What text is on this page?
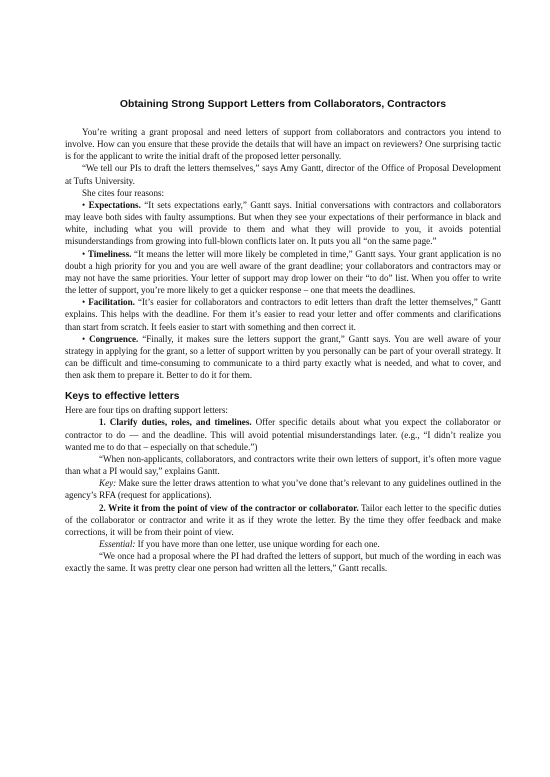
Obtaining Strong Support Letters from Collaborators, Contractors

You’re writing a grant proposal and need letters of support from collaborators and contractors you intend to involve. How can you ensure that these provide the details that will have an impact on reviewers? One surprising tactic is for the applicant to write the initial draft of the proposed letter personally.

“We tell our PIs to draft the letters themselves,” says Amy Gantt, director of the Office of Proposal Development at Tufts University.

She cites four reasons:

• Expectations. “It sets expectations early,” Gantt says. Initial conversations with contractors and collaborators may leave both sides with faulty assumptions. But when they see your expectations of their performance in black and white, including what you will provide to them and what they will provide to you, it avoids potential misunderstandings from growing into full-blown conflicts later on. It puts you all “on the same page.”

• Timeliness. “It means the letter will more likely be completed in time,” Gantt says. Your grant application is no doubt a high priority for you and you are well aware of the grant deadline; your collaborators and contractors may or may not have the same priorities. Your letter of support may drop lower on their “to do” list. When you offer to write the letter of support, you’re more likely to get a quicker response – one that meets the deadlines.

• Facilitation. “It’s easier for collaborators and contractors to edit letters than draft the letter themselves,” Gantt explains. This helps with the deadline. For them it’s easier to read your letter and offer comments and clarifications than start from scratch. It feels easier to start with something and then correct it.

• Congruence. “Finally, it makes sure the letters support the grant,” Gantt says. You are well aware of your strategy in applying for the grant, so a letter of support written by you personally can be part of your overall strategy. It can be difficult and time-consuming to communicate to a third party exactly what is needed, and what to cover, and then ask them to prepare it. Better to do it for them.

Keys to effective letters

Here are four tips on drafting support letters:

1. Clarify duties, roles, and timelines. Offer specific details about what you expect the collaborator or contractor to do — and the deadline. This will avoid potential misunderstandings later. (e.g., “I didn’t realize you wanted me to do that – especially on that schedule.”)

“When non-applicants, collaborators, and contractors write their own letters of support, it’s often more vague than what a PI would say,” explains Gantt.

Key: Make sure the letter draws attention to what you’ve done that’s relevant to any guidelines outlined in the agency’s RFA (request for applications).

2. Write it from the point of view of the contractor or collaborator. Tailor each letter to the specific duties of the collaborator or contractor and write it as if they wrote the letter. By the time they offer feedback and make corrections, it will be from their point of view.

Essential: If you have more than one letter, use unique wording for each one.

“We once had a proposal where the PI had drafted the letters of support, but much of the wording in each was exactly the same. It was pretty clear one person had written all the letters,” Gantt recalls.
